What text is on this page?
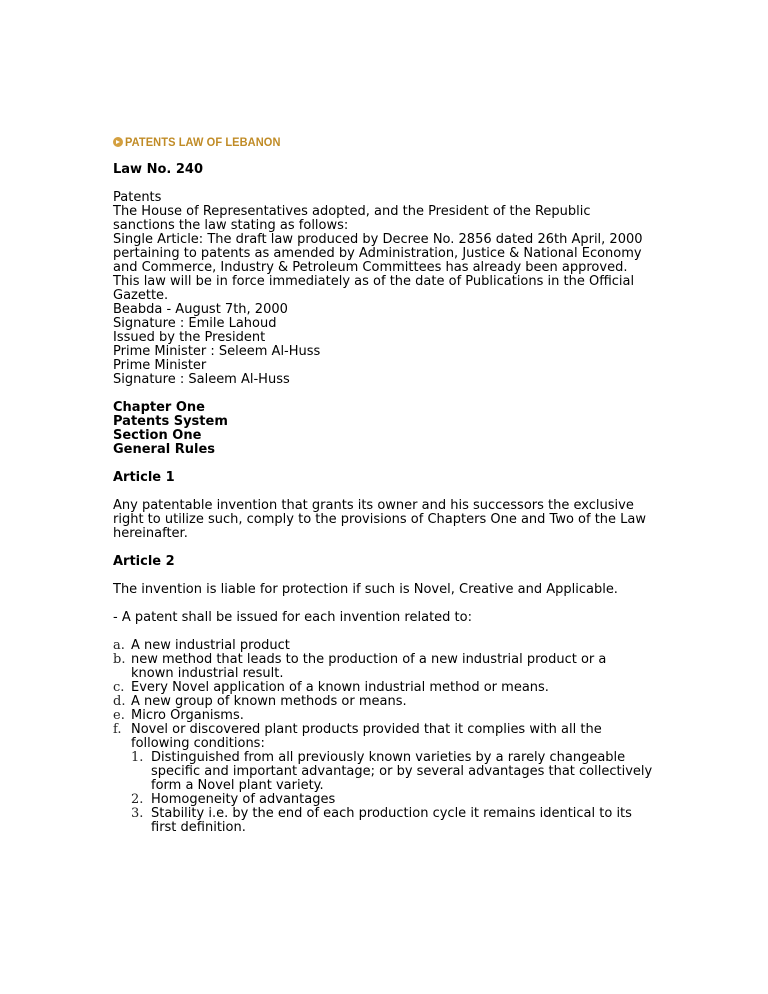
PATENTS LAW OF LEBANON

Law No. 240

Patents

The House of Representatives adopted, and the President of the Republic sanctions the law stating as follows:

Single Article: The draft law produced by Decree No. 2856 dated 26th April, 2000 pertaining to patents as amended by Administration, Justice & National Economy and Commerce, Industry & Petroleum Committees has already been approved.

This law will be in force immediately as of the date of Publications in the Official Gazette.

Beabda - August 7th, 2000

Signature : Emile Lahoud

Issued by the President

Prime Minister : Seleem Al-Huss

Prime Minister

Signature : Saleem Al-Huss

Chapter One

Patents System

Section One

General Rules

Article 1

Any patentable invention that grants its owner and his successors the exclusive right to utilize such, comply to the provisions of Chapters One and Two of the Law hereinafter.

Article 2

The invention is liable for protection if such is Novel, Creative and Applicable.

- A patent shall be issued for each invention related to:

a. A new industrial product
b. new method that leads to the production of a new industrial product or a known industrial result.
c. Every Novel application of a known industrial method or means.
d. A new group of known methods or means.
e. Micro Organisms.
f. Novel or discovered plant products provided that it complies with all the following conditions:
1. Distinguished from all previously known varieties by a rarely changeable specific and important advantage; or by several advantages that collectively form a Novel plant variety.
2. Homogeneity of advantages
3. Stability i.e. by the end of each production cycle it remains identical to its first definition.
